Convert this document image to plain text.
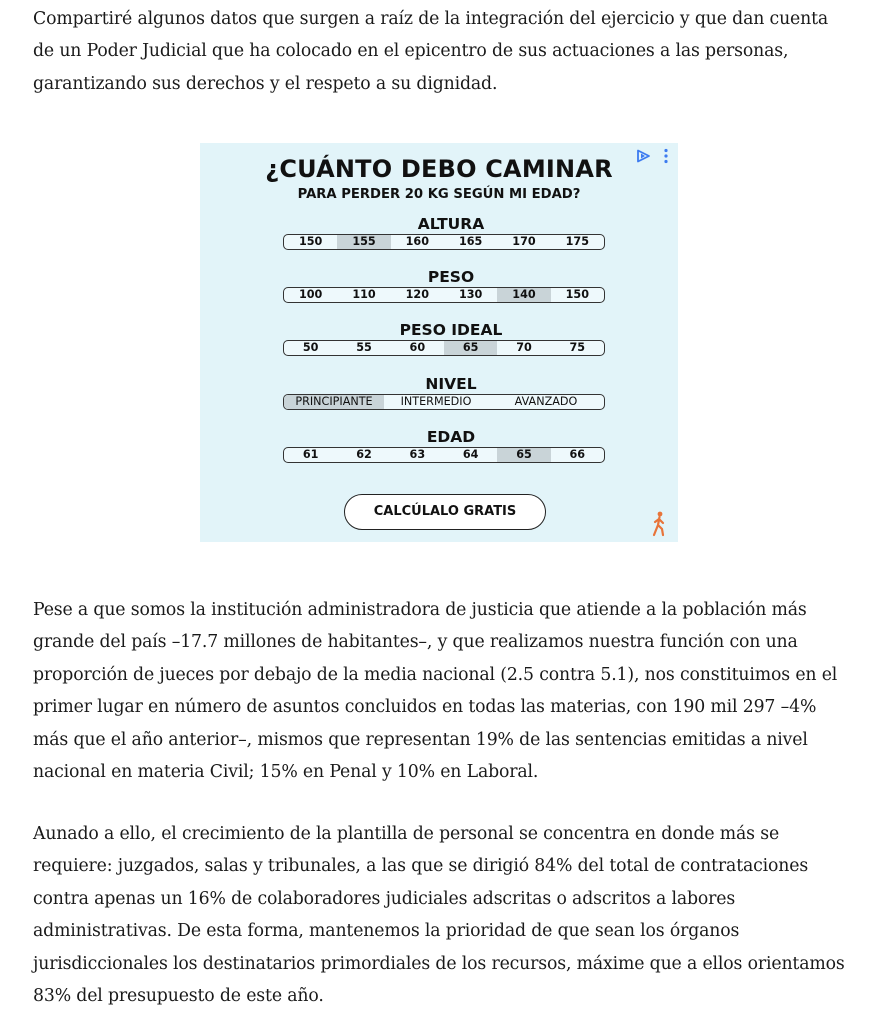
Compartiré algunos datos que surgen a raíz de la integración del ejercicio y que dan cuenta de un Poder Judicial que ha colocado en el epicentro de sus actuaciones a las personas, garantizando sus derechos y el respeto a su dignidad.

¿CUÁNTO DEBO CAMINAR
PARA PERDER 20 KG SEGÚN MI EDAD?
ALTURA
150	155	160	165	170	175
PESO
100	110	120	130	140	150
PESO IDEAL
50	55	60	65	70	75
NIVEL
PRINCIPIANTE	INTERMEDIO	AVANZADO
EDAD
61	62	63	64	65	66
CALCÚLALO GRATIS

Pese a que somos la institución administradora de justicia que atiende a la población más grande del país –17.7 millones de habitantes–, y que realizamos nuestra función con una proporción de jueces por debajo de la media nacional (2.5 contra 5.1), nos constituimos en el primer lugar en número de asuntos concluidos en todas las materias, con 190 mil 297 –4% más que el año anterior–, mismos que representan 19% de las sentencias emitidas a nivel nacional en materia Civil; 15% en Penal y 10% en Laboral.

Aunado a ello, el crecimiento de la plantilla de personal se concentra en donde más se requiere: juzgados, salas y tribunales, a las que se dirigió 84% del total de contrataciones contra apenas un 16% de colaboradores judiciales adscritas o adscritos a labores administrativas. De esta forma, mantenemos la prioridad de que sean los órganos jurisdiccionales los destinatarios primordiales de los recursos, máxime que a ellos orientamos 83% del presupuesto de este año.
